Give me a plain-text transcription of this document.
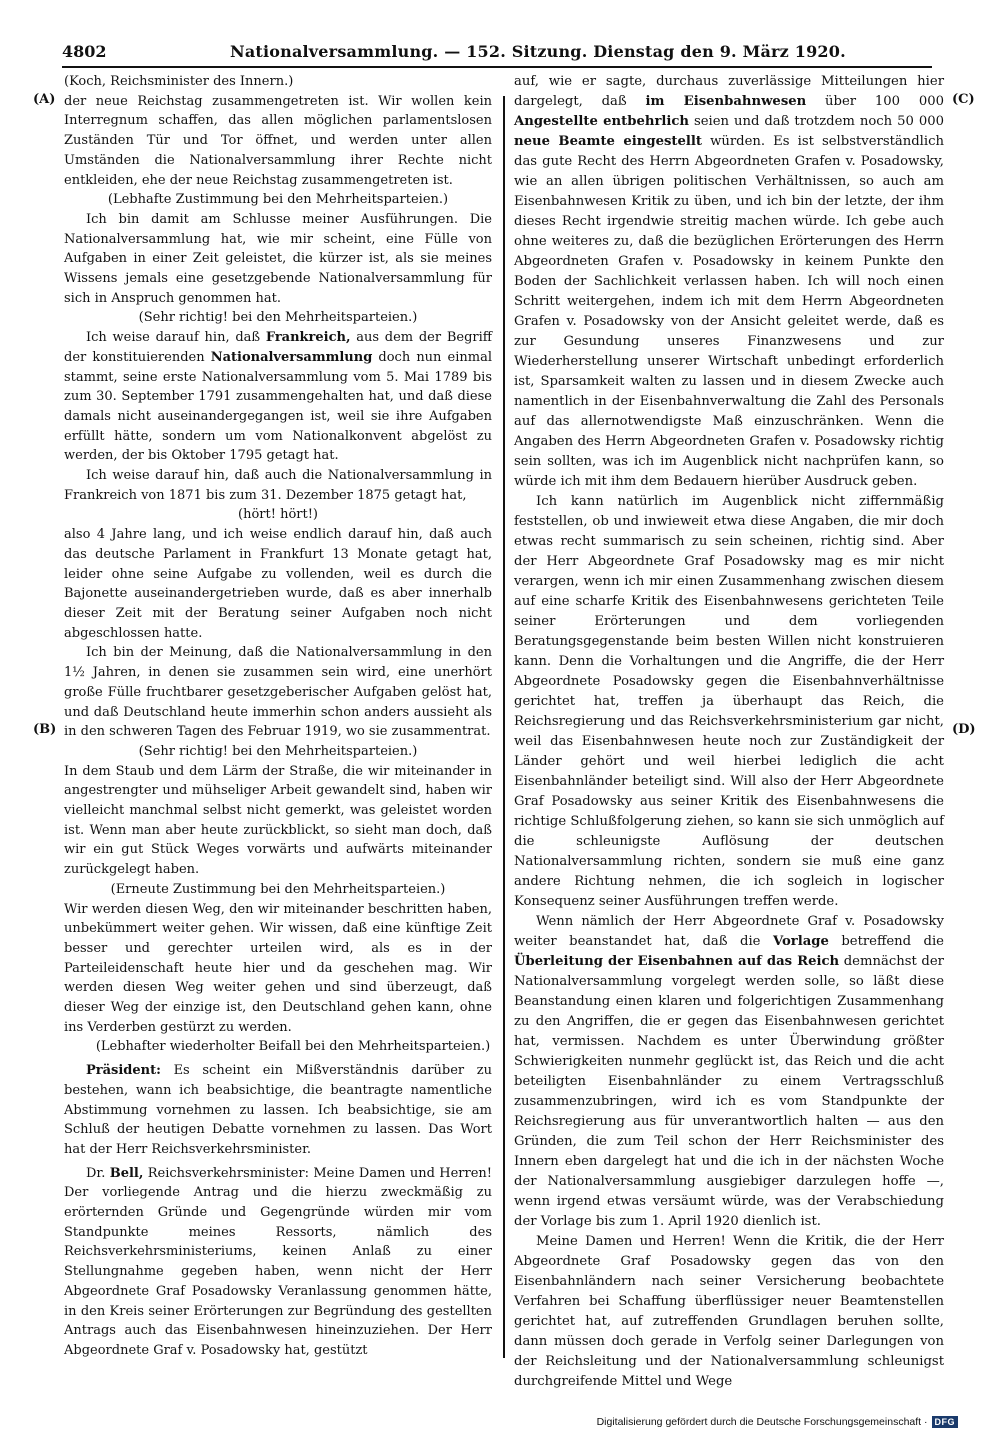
4802	Nationalversammlung. — 152. Sitzung. Dienstag den 9. März 1920.
(A)
(B)
(C)
(D)

(Koch, Reichsminister des Innern.)

der neue Reichstag zusammengetreten ist. Wir wollen kein Interregnum schaffen, das allen möglichen parlamentslosen Zuständen Tür und Tor öffnet, und werden unter allen Umständen die Nationalversammlung ihrer Rechte nicht entkleiden, ehe der neue Reichstag zusammengetreten ist.

(Lebhafte Zustimmung bei den Mehrheitsparteien.)

Ich bin damit am Schlusse meiner Ausführungen. Die Nationalversammlung hat, wie mir scheint, eine Fülle von Aufgaben in einer Zeit geleistet, die kürzer ist, als sie meines Wissens jemals eine gesetzgebende Nationalversammlung für sich in Anspruch genommen hat.

(Sehr richtig! bei den Mehrheitsparteien.)

Ich weise darauf hin, daß Frankreich, aus dem der Begriff der konstituierenden Nationalversammlung doch nun einmal stammt, seine erste Nationalversammlung vom 5. Mai 1789 bis zum 30. September 1791 zusammengehalten hat, und daß diese damals nicht auseinandergegangen ist, weil sie ihre Aufgaben erfüllt hätte, sondern um vom Nationalkonvent abgelöst zu werden, der bis Oktober 1795 getagt hat.

Ich weise darauf hin, daß auch die Nationalversammlung in Frankreich von 1871 bis zum 31. Dezember 1875 getagt hat,

(hört! hört!)

also 4 Jahre lang, und ich weise endlich darauf hin, daß auch das deutsche Parlament in Frankfurt 13 Monate getagt hat, leider ohne seine Aufgabe zu vollenden, weil es durch die Bajonette auseinandergetrieben wurde, daß es aber innerhalb dieser Zeit mit der Beratung seiner Aufgaben noch nicht abgeschlossen hatte.

Ich bin der Meinung, daß die Nationalversammlung in den 1½ Jahren, in denen sie zusammen sein wird, eine unerhört große Fülle fruchtbarer gesetzgeberischer Aufgaben gelöst hat, und daß Deutschland heute immerhin schon anders aussieht als in den schweren Tagen des Februar 1919, wo sie zusammentrat.

(Sehr richtig! bei den Mehrheitsparteien.)

In dem Staub und dem Lärm der Straße, die wir miteinander in angestrengter und mühseliger Arbeit gewandelt sind, haben wir vielleicht manchmal selbst nicht gemerkt, was geleistet worden ist. Wenn man aber heute zurückblickt, so sieht man doch, daß wir ein gut Stück Weges vorwärts und aufwärts miteinander zurückgelegt haben.

(Erneute Zustimmung bei den Mehrheitsparteien.)

Wir werden diesen Weg, den wir miteinander beschritten haben, unbekümmert weiter gehen. Wir wissen, daß eine künftige Zeit besser und gerechter urteilen wird, als es in der Parteileidenschaft heute hier und da geschehen mag. Wir werden diesen Weg weiter gehen und sind überzeugt, daß dieser Weg der einzige ist, den Deutschland gehen kann, ohne ins Verderben gestürzt zu werden.

(Lebhafter wiederholter Beifall bei den Mehrheitsparteien.)

Präsident: Es scheint ein Mißverständnis darüber zu bestehen, wann ich beabsichtige, die beantragte namentliche Abstimmung vornehmen zu lassen. Ich beabsichtige, sie am Schluß der heutigen Debatte vornehmen zu lassen. Das Wort hat der Herr Reichsverkehrsminister.

Dr. Bell, Reichsverkehrsminister: Meine Damen und Herren! Der vorliegende Antrag und die hierzu zweckmäßig zu erörternden Gründe und Gegengründe würden mir vom Standpunkte meines Ressorts, nämlich des Reichsverkehrsministeriums, keinen Anlaß zu einer Stellungnahme gegeben haben, wenn nicht der Herr Abgeordnete Graf Posadowsky Veranlassung genommen hätte, in den Kreis seiner Erörterungen zur Begründung des gestellten Antrags auch das Eisenbahnwesen hineinzuziehen. Der Herr Abgeordnete Graf v. Posadowsky hat, gestützt

auf, wie er sagte, durchaus zuverlässige Mitteilungen hier dargelegt, daß im Eisenbahnwesen über 100 000 Angestellte entbehrlich seien und daß trotzdem noch 50 000 neue Beamte eingestellt würden. Es ist selbstverständlich das gute Recht des Herrn Abgeordneten Grafen v. Posadowsky, wie an allen übrigen politischen Verhältnissen, so auch am Eisenbahnwesen Kritik zu üben, und ich bin der letzte, der ihm dieses Recht irgendwie streitig machen würde. Ich gebe auch ohne weiteres zu, daß die bezüglichen Erörterungen des Herrn Abgeordneten Grafen v. Posadowsky in keinem Punkte den Boden der Sachlichkeit verlassen haben. Ich will noch einen Schritt weitergehen, indem ich mit dem Herrn Abgeordneten Grafen v. Posadowsky von der Ansicht geleitet werde, daß es zur Gesundung unseres Finanzwesens und zur Wiederherstellung unserer Wirtschaft unbedingt erforderlich ist, Sparsamkeit walten zu lassen und in diesem Zwecke auch namentlich in der Eisenbahnverwaltung die Zahl des Personals auf das allernotwendigste Maß einzuschränken. Wenn die Angaben des Herrn Abgeordneten Grafen v. Posadowsky richtig sein sollten, was ich im Augenblick nicht nachprüfen kann, so würde ich mit ihm dem Bedauern hierüber Ausdruck geben.

Ich kann natürlich im Augenblick nicht ziffernmäßig feststellen, ob und inwieweit etwa diese Angaben, die mir doch etwas recht summarisch zu sein scheinen, richtig sind. Aber der Herr Abgeordnete Graf Posadowsky mag es mir nicht verargen, wenn ich mir einen Zusammenhang zwischen diesem auf eine scharfe Kritik des Eisenbahnwesens gerichteten Teile seiner Erörterungen und dem vorliegenden Beratungsgegenstande beim besten Willen nicht konstruieren kann. Denn die Vorhaltungen und die Angriffe, die der Herr Abgeordnete Posadowsky gegen die Eisenbahnverhältnisse gerichtet hat, treffen ja überhaupt das Reich, die Reichsregierung und das Reichsverkehrsministerium gar nicht, weil das Eisenbahnwesen heute noch zur Zuständigkeit der Länder gehört und weil hierbei lediglich die acht Eisenbahnländer beteiligt sind. Will also der Herr Abgeordnete Graf Posadowsky aus seiner Kritik des Eisenbahnwesens die richtige Schlußfolgerung ziehen, so kann sie sich unmöglich auf die schleunigste Auflösung der deutschen Nationalversammlung richten, sondern sie muß eine ganz andere Richtung nehmen, die ich sogleich in logischer Konsequenz seiner Ausführungen treffen werde.

Wenn nämlich der Herr Abgeordnete Graf v. Posadowsky weiter beanstandet hat, daß die Vorlage betreffend die Überleitung der Eisenbahnen auf das Reich demnächst der Nationalversammlung vorgelegt werden solle, so läßt diese Beanstandung einen klaren und folgerichtigen Zusammenhang zu den Angriffen, die er gegen das Eisenbahnwesen gerichtet hat, vermissen. Nachdem es unter Überwindung größter Schwierigkeiten nunmehr geglückt ist, das Reich und die acht beteiligten Eisenbahnländer zu einem Vertragsschluß zusammenzubringen, wird ich es vom Standpunkte der Reichsregierung aus für unverantwortlich halten — aus den Gründen, die zum Teil schon der Herr Reichsminister des Innern eben dargelegt hat und die ich in der nächsten Woche der Nationalversammlung ausgiebiger darzulegen hoffe —, wenn irgend etwas versäumt würde, was der Verabschiedung der Vorlage bis zum 1. April 1920 dienlich ist.

Meine Damen und Herren! Wenn die Kritik, die der Herr Abgeordnete Graf Posadowsky gegen das von den Eisenbahnländern nach seiner Versicherung beobachtete Verfahren bei Schaffung überflüssiger neuer Beamtenstellen gerichtet hat, auf zutreffenden Grundlagen beruhen sollte, dann müssen doch gerade in Verfolg seiner Darlegungen von der Reichsleitung und der Nationalversammlung schleunigst durchgreifende Mittel und Wege

Digitalisierung gefördert durch die Deutsche Forschungsgemeinschaft · DFG
